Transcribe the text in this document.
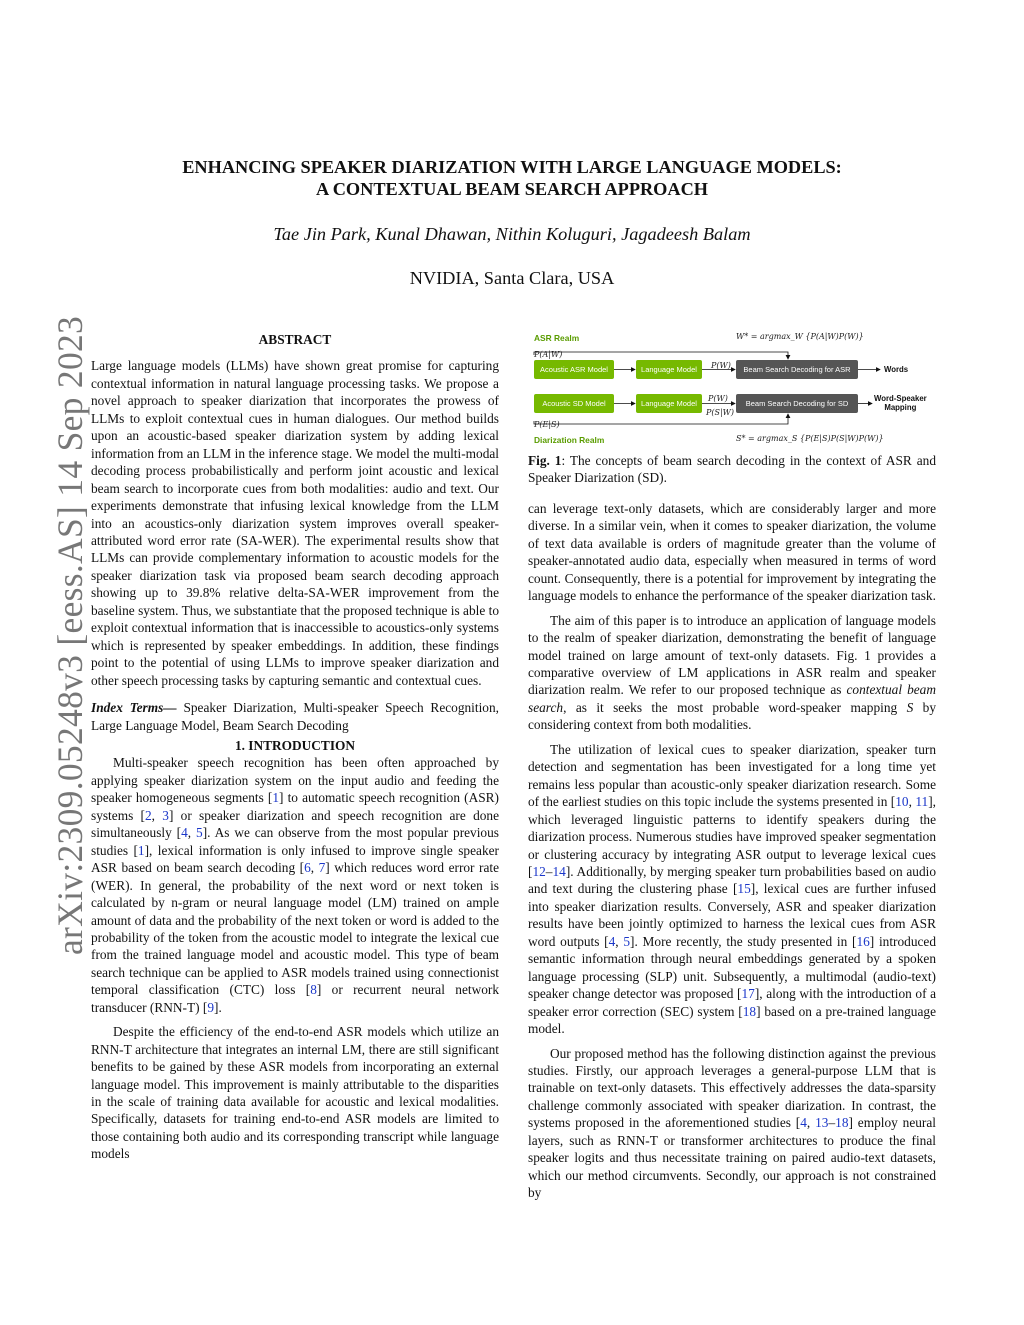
arXiv:2309.05248v3 [eess.AS] 14 Sep 2023
ENHANCING SPEAKER DIARIZATION WITH LARGE LANGUAGE MODELS:
A CONTEXTUAL BEAM SEARCH APPROACH
Tae Jin Park, Kunal Dhawan, Nithin Koluguri, Jagadeesh Balam
NVIDIA, Santa Clara, USA

ABSTRACT

Large language models (LLMs) have shown great promise for capturing contextual information in natural language processing tasks. We propose a novel approach to speaker diarization that incorporates the prowess of LLMs to exploit contextual cues in human dialogues. Our method builds upon an acoustic-based speaker diarization system by adding lexical information from an LLM in the inference stage. We model the multi-modal decoding process probabilistically and perform joint acoustic and lexical beam search to incorporate cues from both modalities: audio and text. Our experiments demonstrate that infusing lexical knowledge from the LLM into an acoustics-only diarization system improves overall speaker-attributed word error rate (SA-WER). The experimental results show that LLMs can provide complementary information to acoustic models for the speaker diarization task via proposed beam search decoding approach showing up to 39.8% relative delta-SA-WER improvement from the baseline system. Thus, we substantiate that the proposed technique is able to exploit contextual information that is inaccessible to acoustics-only systems which is represented by speaker embeddings. In addition, these findings point to the potential of using LLMs to improve speaker diarization and other speech processing tasks by capturing semantic and contextual cues.

Index Terms— Speaker Diarization, Multi-speaker Speech Recognition, Large Language Model, Beam Search Decoding

1. INTRODUCTION

Multi-speaker speech recognition has been often approached by applying speaker diarization system on the input audio and feeding the speaker homogeneous segments [1] to automatic speech recognition (ASR) systems [2, 3] or speaker diarization and speech recognition are done simultaneously [4, 5]. As we can observe from the most popular previous studies [1], lexical information is only infused to improve single speaker ASR based on beam search decoding [6, 7] which reduces word error rate (WER). In general, the probability of the next word or next token is calculated by n-gram or neural language model (LM) trained on ample amount of data and the probability of the next token or word is added to the probability of the token from the acoustic model to integrate the lexical cue from the trained language model and acoustic model. This type of beam search technique can be applied to ASR models trained using connectionist temporal classification (CTC) loss [8] or recurrent neural network transducer (RNN-T) [9].

Despite the efficiency of the end-to-end ASR models which utilize an RNN-T architecture that integrates an internal LM, there are still significant benefits to be gained by these ASR models from incorporating an external language model. This improvement is mainly attributable to the disparities in the scale of training data available for acoustic and lexical modalities. Specifically, datasets for training end-to-end ASR models are limited to those containing both audio and its corresponding transcript while language models

ASR Realm	W* = argmax_W {P(A|W)P(W)}
P(A|W)
P(W)
Acoustic ASR Model	Language Model	Beam Search Decoding for ASR	Words
Acoustic SD Model	Language Model	Beam Search Decoding for SD
P(W)
P(S|W)
Word-Speaker
Mapping
P(E|S)
Diarization Realm	S* = argmax_S {P(E|S)P(S|W)P(W)}

Fig. 1: The concepts of beam search decoding in the context of ASR and Speaker Diarization (SD).

can leverage text-only datasets, which are considerably larger and more diverse. In a similar vein, when it comes to speaker diarization, the volume of text data available is orders of magnitude greater than the volume of speaker-annotated audio data, especially when measured in terms of word count. Consequently, there is a potential for improvement by integrating the language models to enhance the performance of the speaker diarization task.

The aim of this paper is to introduce an application of language models to the realm of speaker diarization, demonstrating the benefit of language model trained on large amount of text-only datasets. Fig. 1 provides a comparative overview of LM applications in ASR realm and speaker diarization realm. We refer to our proposed technique as contextual beam search, as it seeks the most probable word-speaker mapping S by considering context from both modalities.

The utilization of lexical cues to speaker diarization, speaker turn detection and segmentation has been investigated for a long time yet remains less popular than acoustic-only speaker diarization research. Some of the earliest studies on this topic include the systems presented in [10, 11], which leveraged linguistic patterns to identify speakers during the diarization process. Numerous studies have improved speaker segmentation or clustering accuracy by integrating ASR output to leverage lexical cues [12–14]. Additionally, by merging speaker turn probabilities based on audio and text during the clustering phase [15], lexical cues are further infused into speaker diarization results. Conversely, ASR and speaker diarization results have been jointly optimized to harness the lexical cues from ASR word outputs [4, 5]. More recently, the study presented in [16] introduced semantic information through neural embeddings generated by a spoken language processing (SLP) unit. Subsequently, a multimodal (audio-text) speaker change detector was proposed [17], along with the introduction of a speaker error correction (SEC) system [18] based on a pre-trained language model.

Our proposed method has the following distinction against the previous studies. Firstly, our approach leverages a general-purpose LLM that is trainable on text-only datasets. This effectively addresses the data-sparsity challenge commonly associated with speaker diarization. In contrast, the systems proposed in the aforementioned studies [4, 13–18] employ neural layers, such as RNN-T or transformer architectures to produce the final speaker logits and thus necessitate training on paired audio-text datasets, which our method circumvents. Secondly, our approach is not constrained by
